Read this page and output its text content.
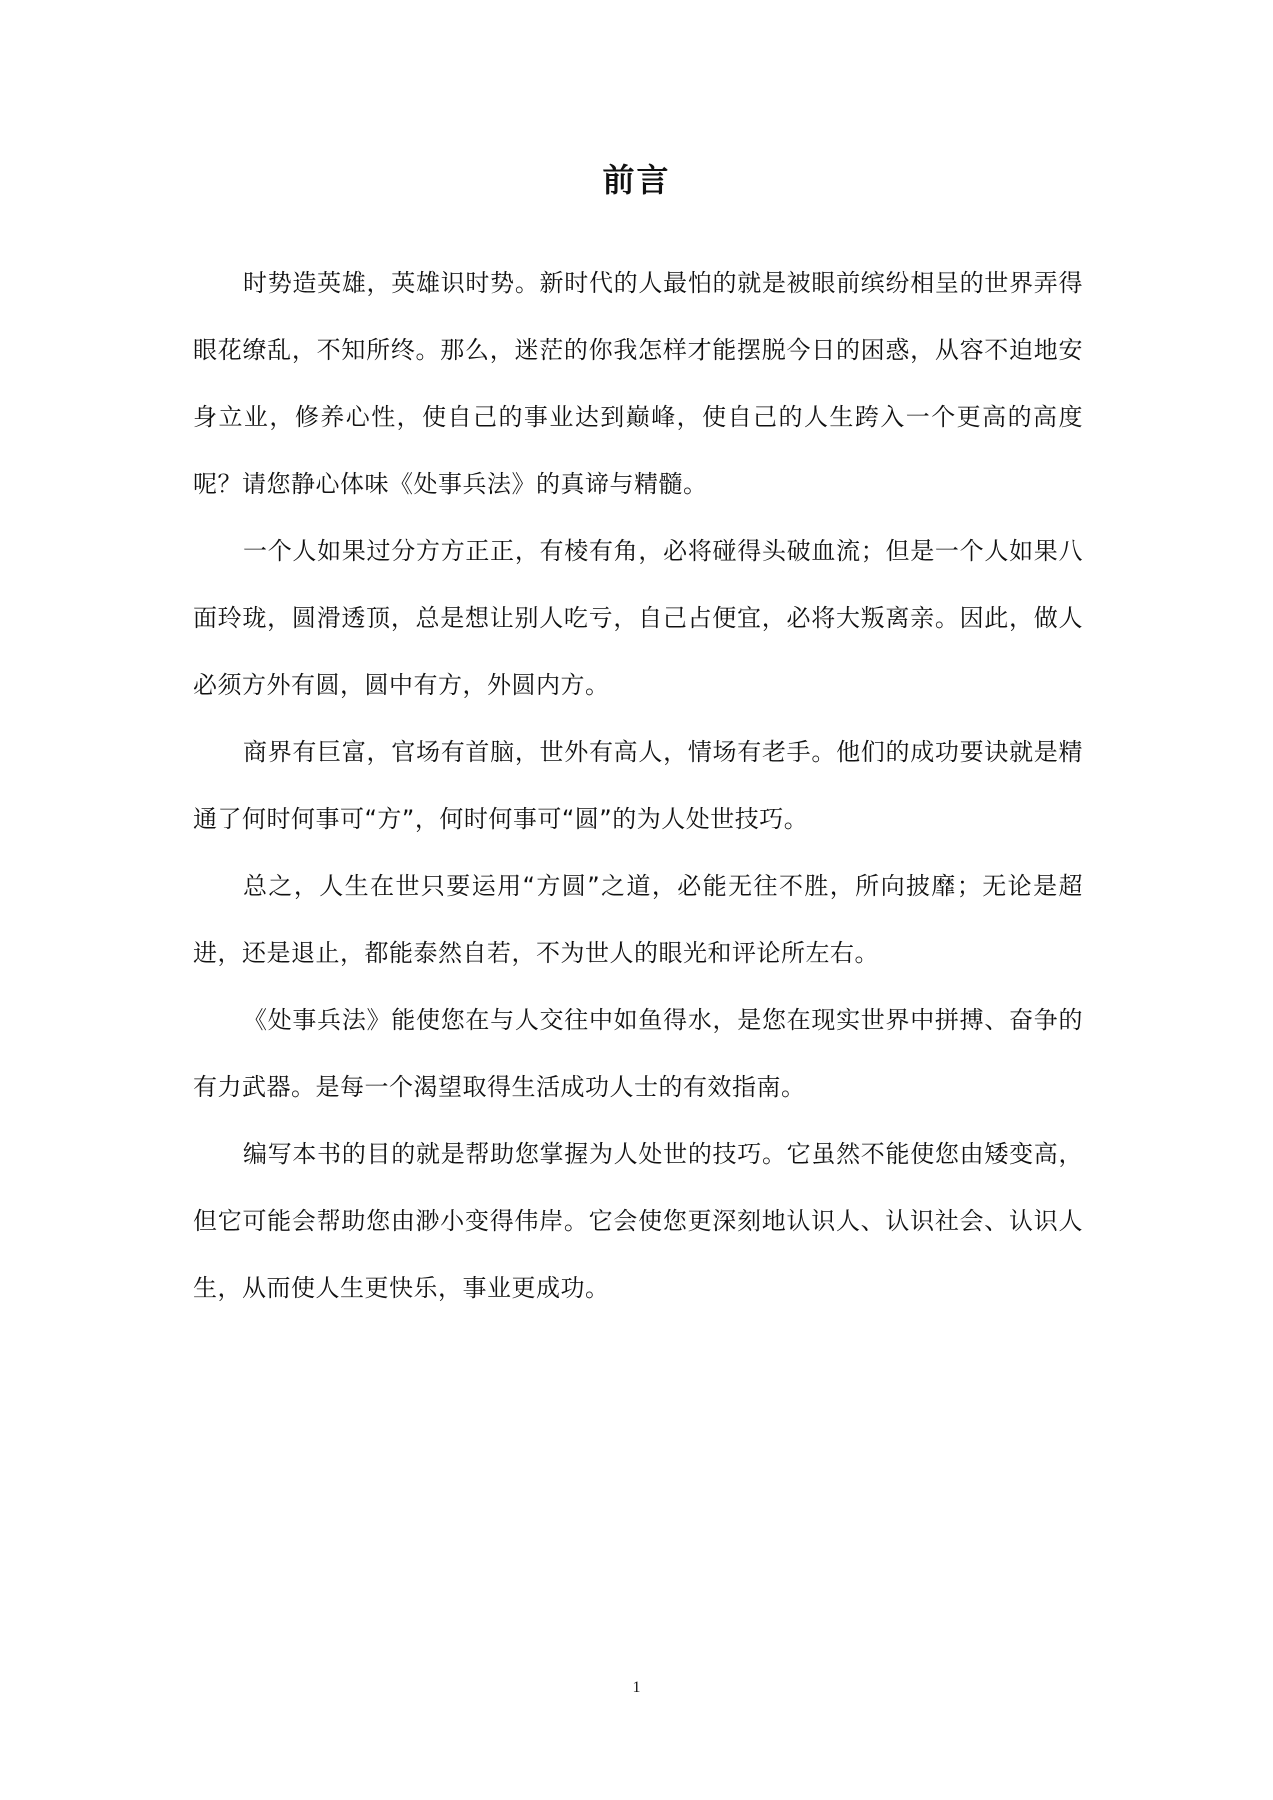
前言

时势造英雄，英雄识时势。新时代的人最怕的就是被眼前缤纷相呈的世界弄得眼花缭乱，不知所终。那么，迷茫的你我怎样才能摆脱今日的困惑，从容不迫地安身立业，修养心性，使自己的事业达到巅峰，使自己的人生跨入一个更高的高度呢？请您静心体味《处事兵法》的真谛与精髓。

一个人如果过分方方正正，有棱有角，必将碰得头破血流；但是一个人如果八面玲珑，圆滑透顶，总是想让别人吃亏，自己占便宜，必将大叛离亲。因此，做人必须方外有圆，圆中有方，外圆内方。

商界有巨富，官场有首脑，世外有高人，情场有老手。他们的成功要诀就是精通了何时何事可“方”，何时何事可“圆”的为人处世技巧。

总之，人生在世只要运用“方圆”之道，必能无往不胜，所向披靡；无论是超进，还是退止，都能泰然自若，不为世人的眼光和评论所左右。

《处事兵法》能使您在与人交往中如鱼得水，是您在现实世界中拼搏、奋争的有力武器。是每一个渴望取得生活成功人士的有效指南。

编写本书的目的就是帮助您掌握为人处世的技巧。它虽然不能使您由矮变高，但它可能会帮助您由渺小变得伟岸。它会使您更深刻地认识人、认识社会、认识人生，从而使人生更快乐，事业更成功。

1
